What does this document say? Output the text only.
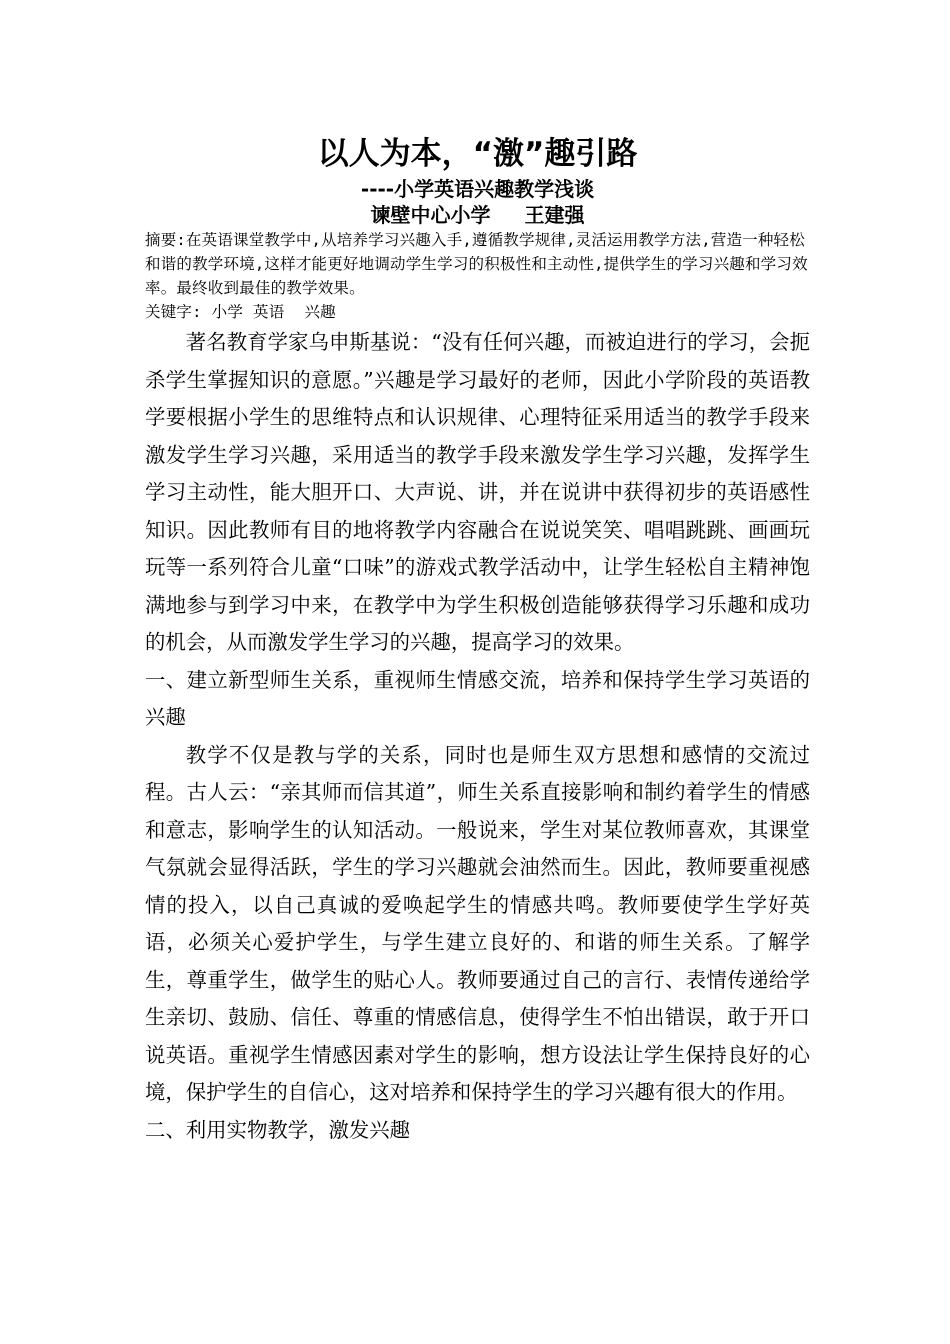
以人为本，“激”趣引路

----小学英语兴趣教学浅谈

谏壁中心小学 王建强

摘要:在英语课堂教学中,从培养学习兴趣入手,遵循教学规律,灵活运用教学方法,营造一种轻松和谐的教学环境,这样才能更好地调动学生学习的积极性和主动性,提供学生的学习兴趣和学习效率。最终收到最佳的教学效果。

关键字: 小学 英语 兴趣

著名教育学家乌申斯基说：“没有任何兴趣，而被迫进行的学习，会扼杀学生掌握知识的意愿。”兴趣是学习最好的老师，因此小学阶段的英语教学要根据小学生的思维特点和认识规律、心理特征采用适当的教学手段来激发学生学习兴趣，采用适当的教学手段来激发学生学习兴趣，发挥学生学习主动性，能大胆开口、大声说、讲，并在说讲中获得初步的英语感性知识。因此教师有目的地将教学内容融合在说说笑笑、唱唱跳跳、画画玩玩等一系列符合儿童“口味”的游戏式教学活动中，让学生轻松自主精神饱满地参与到学习中来，在教学中为学生积极创造能够获得学习乐趣和成功的机会，从而激发学生学习的兴趣，提高学习的效果。

一、建立新型师生关系，重视师生情感交流，培养和保持学生学习英语的兴趣

教学不仅是教与学的关系，同时也是师生双方思想和感情的交流过程。古人云：“亲其师而信其道”，师生关系直接影响和制约着学生的情感和意志，影响学生的认知活动。一般说来，学生对某位教师喜欢，其课堂气氛就会显得活跃，学生的学习兴趣就会油然而生。因此，教师要重视感情的投入，以自己真诚的爱唤起学生的情感共鸣。教师要使学生学好英语，必须关心爱护学生，与学生建立良好的、和谐的师生关系。了解学生，尊重学生，做学生的贴心人。教师要通过自己的言行、表情传递给学生亲切、鼓励、信任、尊重的情感信息，使得学生不怕出错误，敢于开口说英语。重视学生情感因素对学生的影响，想方设法让学生保持良好的心境，保护学生的自信心，这对培养和保持学生的学习兴趣有很大的作用。

二、利用实物教学，激发兴趣
